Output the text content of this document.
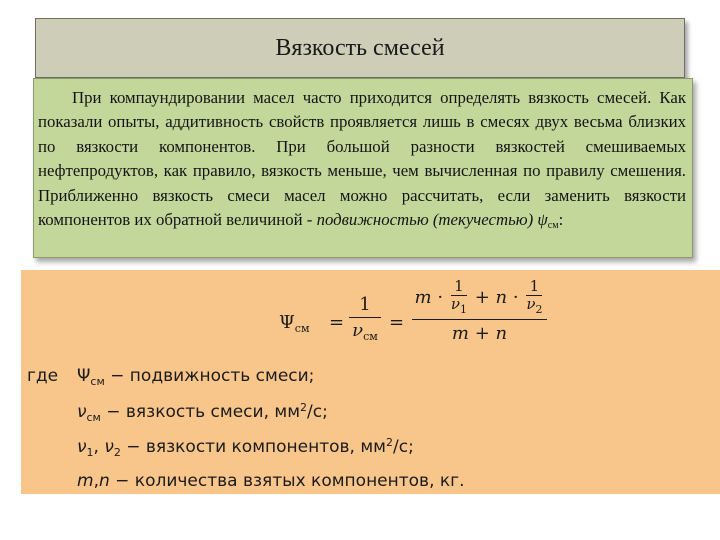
Вязкость смесей
При компаундировании масел часто приходится определять вязкость смесей. Как показали опыты, аддитивность свойств проявляется лишь в смесях двух весьма близких по вязкости компонентов. При большой разности вязкостей смешиваемых нефтепродуктов, как правило, вязкость меньше, чем вычисленная по правилу смешения. Приближенно вязкость смеси масел можно рассчитать, если заменить вязкости компонентов их обратной величиной - подвижностью (текучестью) $\psi_{см}$:
$\Psi_{см}$ =
1
$\nu_{см}$
=
$m \cdot \frac{1}{\nu_1} + n \cdot \frac{1}{\nu_2}$
m + n
где $\Psi_{см}$ − подвижность смеси;
$\nu_{см}$ − вязкость смеси, $мм^2/с$;
$\nu_1$, $\nu_2$ − вязкости компонентов, $мм^2/с$;
m,n − количества взятых компонентов, кг.
